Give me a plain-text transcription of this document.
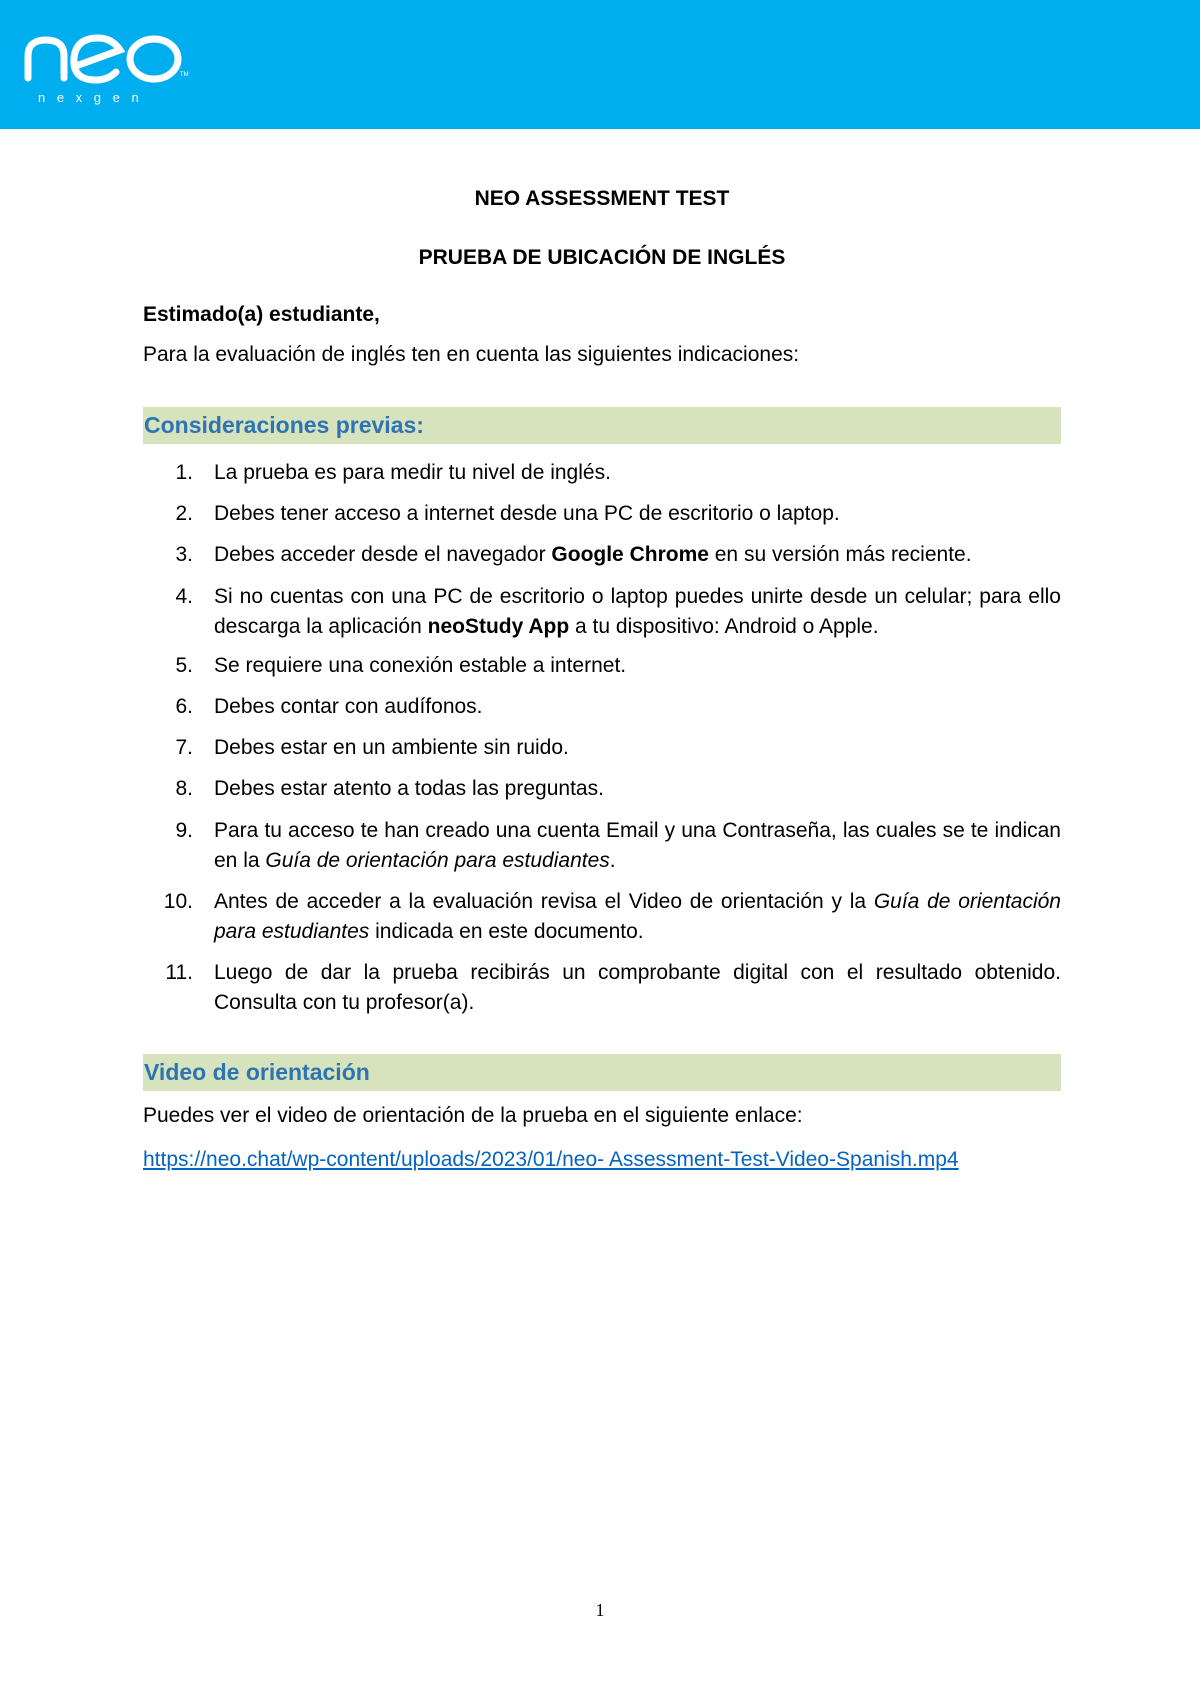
TM
n e x g e n
NEO ASSESSMENT TEST
PRUEBA DE UBICACIÓN DE INGLÉS
Estimado(a) estudiante,
Para la evaluación de inglés ten en cuenta las siguientes indicaciones:
Consideraciones previas:
1. La prueba es para medir tu nivel de inglés.
2. Debes tener acceso a internet desde una PC de escritorio o laptop.
3. Debes acceder desde el navegador Google Chrome en su versión más reciente.
4. Si no cuentas con una PC de escritorio o laptop puedes unirte desde un celular; para ello descarga la aplicación neoStudy App a tu dispositivo: Android o Apple.
5. Se requiere una conexión estable a internet.
6. Debes contar con audífonos.
7. Debes estar en un ambiente sin ruido.
8. Debes estar atento a todas las preguntas.
9. Para tu acceso te han creado una cuenta Email y una Contraseña, las cuales se te indican en la Guía de orientación para estudiantes.
10. Antes de acceder a la evaluación revisa el Video de orientación y la Guía de orientación para estudiantes indicada en este documento.
11. Luego de dar la prueba recibirás un comprobante digital con el resultado obtenido. Consulta con tu profesor(a).
Video de orientación
Puedes ver el video de orientación de la prueba en el siguiente enlace:
https://neo.chat/wp-content/uploads/2023/01/neo- Assessment-Test-Video-Spanish.mp4
1
